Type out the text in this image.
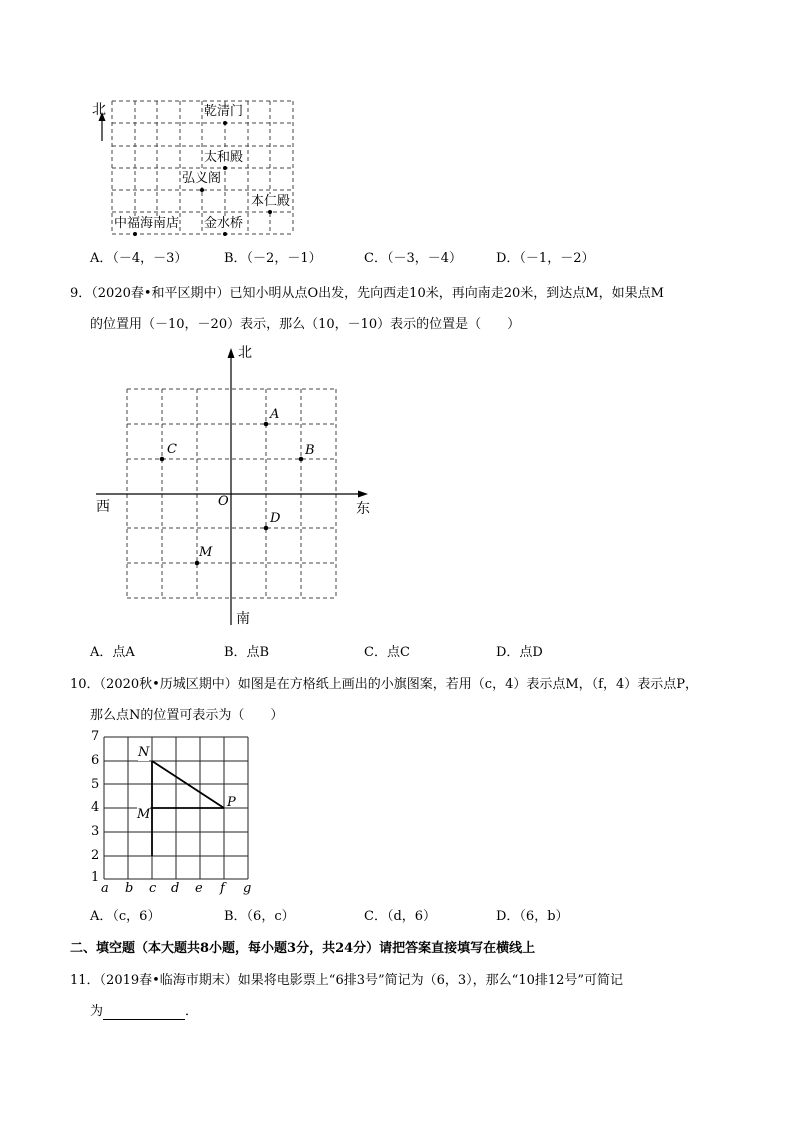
北	乾清门
太和殿
弘义阁
本仁殿
中福海南店 金水桥
A．（－4，－3）	B．（－2，－1）	C．（－3，－4）	D．（－1，－2）
9．（2020春•和平区期中）已知小明从点O出发，先向西走10米，再向南走20米，到达点M，如果点M
的位置用（－10，－20）表示，那么（10，－10）表示的位置是（　　）
北
南
西	东
O
A
B
C
D
M
A．点A	B．点B	C．点C	D．点D
10．（2020秋•历城区期中）如图是在方格纸上画出的小旗图案，若用（c，4）表示点M，（f，4）表示点P，
那么点N的位置可表示为（　　）
7
6
5
4
3
2
1
a b c d e f g
N
M
P
A．（c，6）	B．（6，c）	C．（d，6）	D．（6，b）
二、填空题（本大题共8小题，每小题3分，共24分）请把答案直接填写在横线上
11．（2019春•临海市期末）如果将电影票上“6排3号”简记为（6，3），那么“10排12号”可简记
为	．
